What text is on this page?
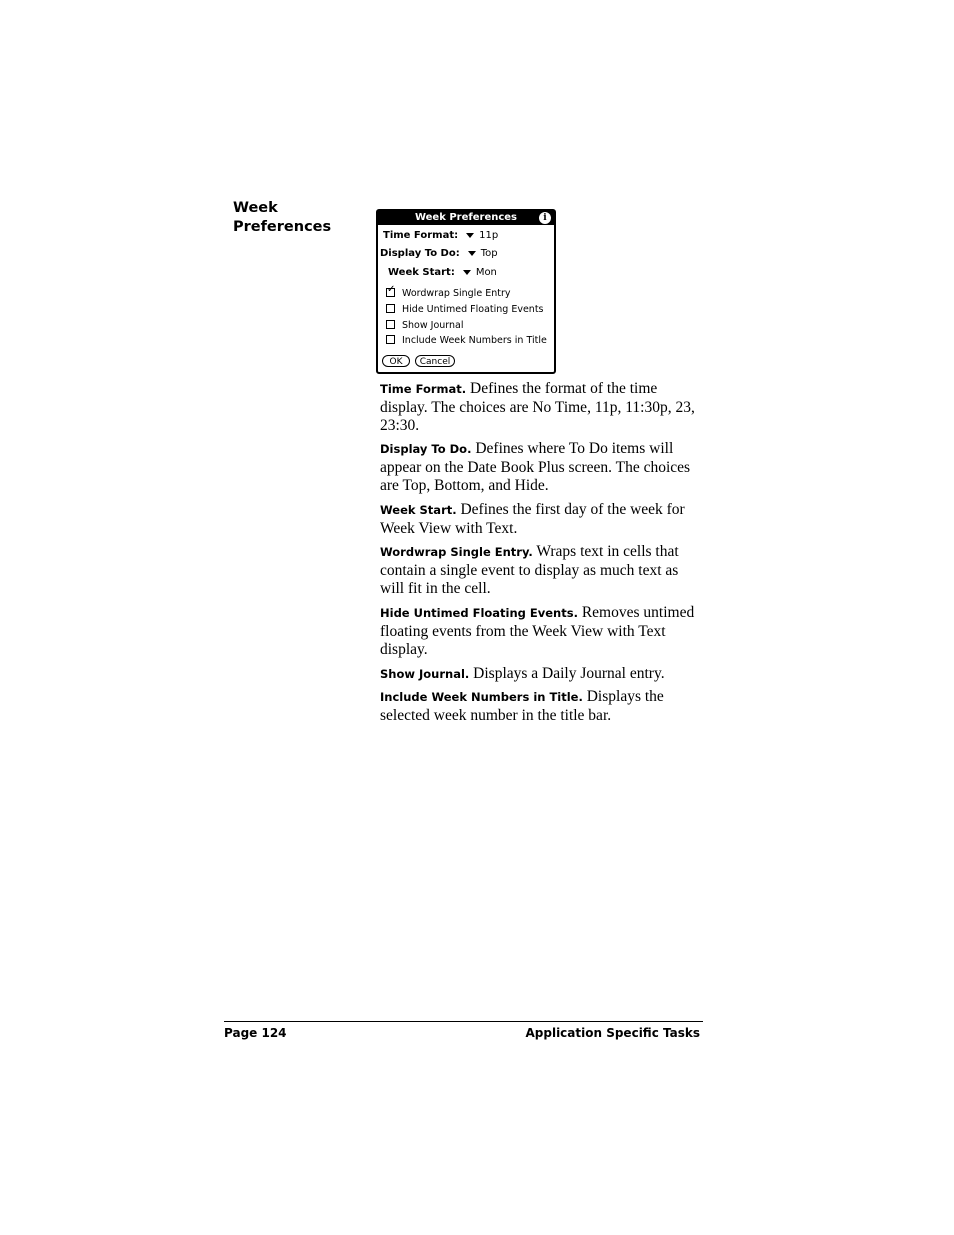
Week
Preferences
Week Preferences	i
Time Format: 11p
Display To Do: Top
Week Start: Mon
✓Wordwrap Single Entry
Hide Untimed Floating Events
Show Journal
Include Week Numbers in Title
OK	Cancel
Time Format. Defines the format of the time display. The choices are No Time, 11p, 11:30p, 23, 23:30.
Display To Do. Defines where To Do items will appear on the Date Book Plus screen. The choices are Top, Bottom, and Hide.
Week Start. Defines the first day of the week for Week View with Text.
Wordwrap Single Entry. Wraps text in cells that contain a single event to display as much text as will fit in the cell.
Hide Untimed Floating Events. Removes untimed floating events from the Week View with Text display.
Show Journal. Displays a Daily Journal entry.
Include Week Numbers in Title. Displays the selected week number in the title bar.
Page 124	Application Specific Tasks
